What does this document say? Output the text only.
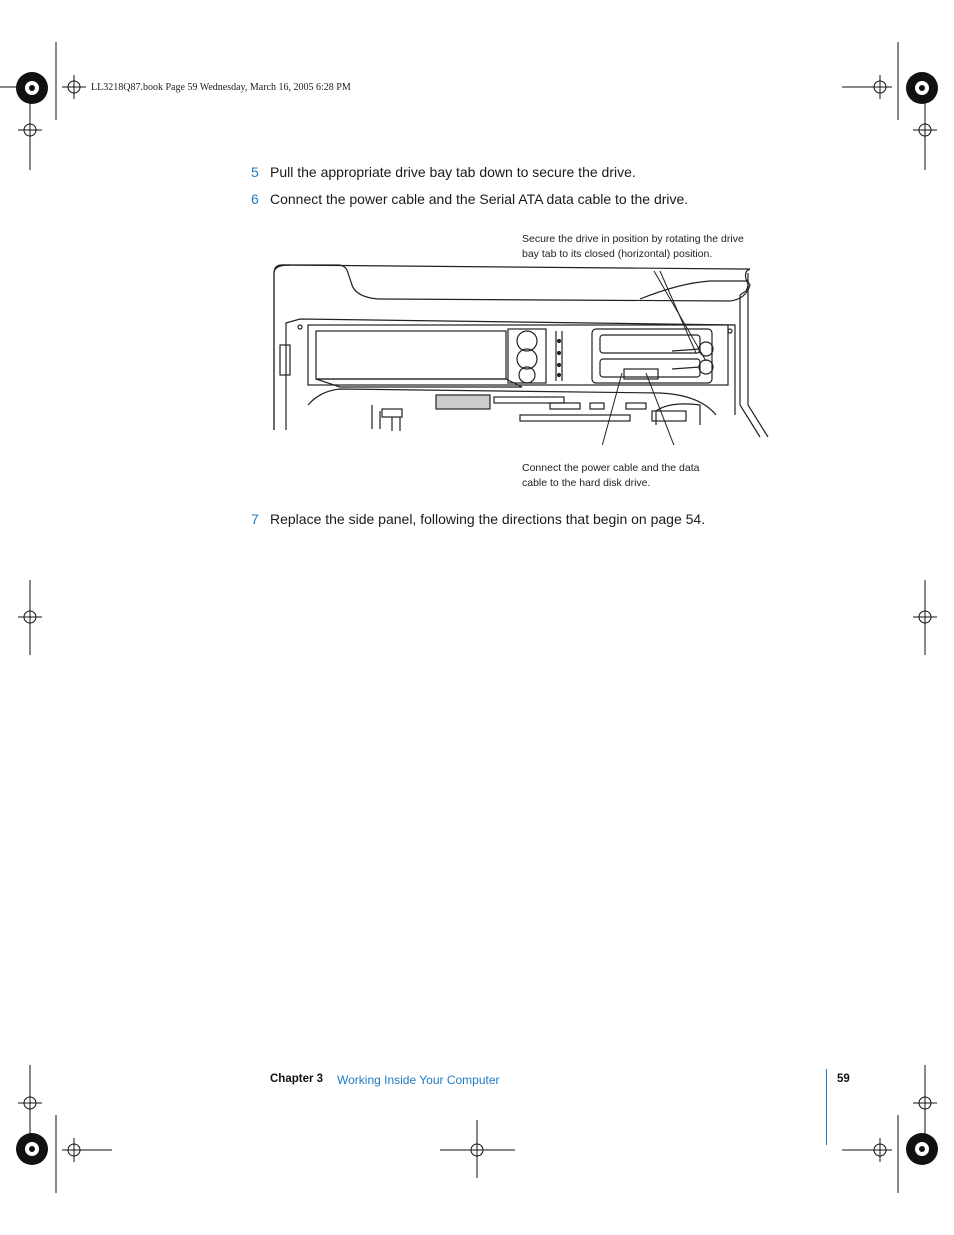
LL3218Q87.book Page 59 Wednesday, March 16, 2005 6:28 PM
5 Pull the appropriate drive bay tab down to secure the drive.
6 Connect the power cable and the Serial ATA data cable to the drive.
Secure the drive in position by rotating the drive
bay tab to its closed (horizontal) position.
Connect the power cable and the data
cable to the hard disk drive.
7 Replace the side panel, following the directions that begin on page 54.
Chapter 3 Working Inside Your Computer	59
